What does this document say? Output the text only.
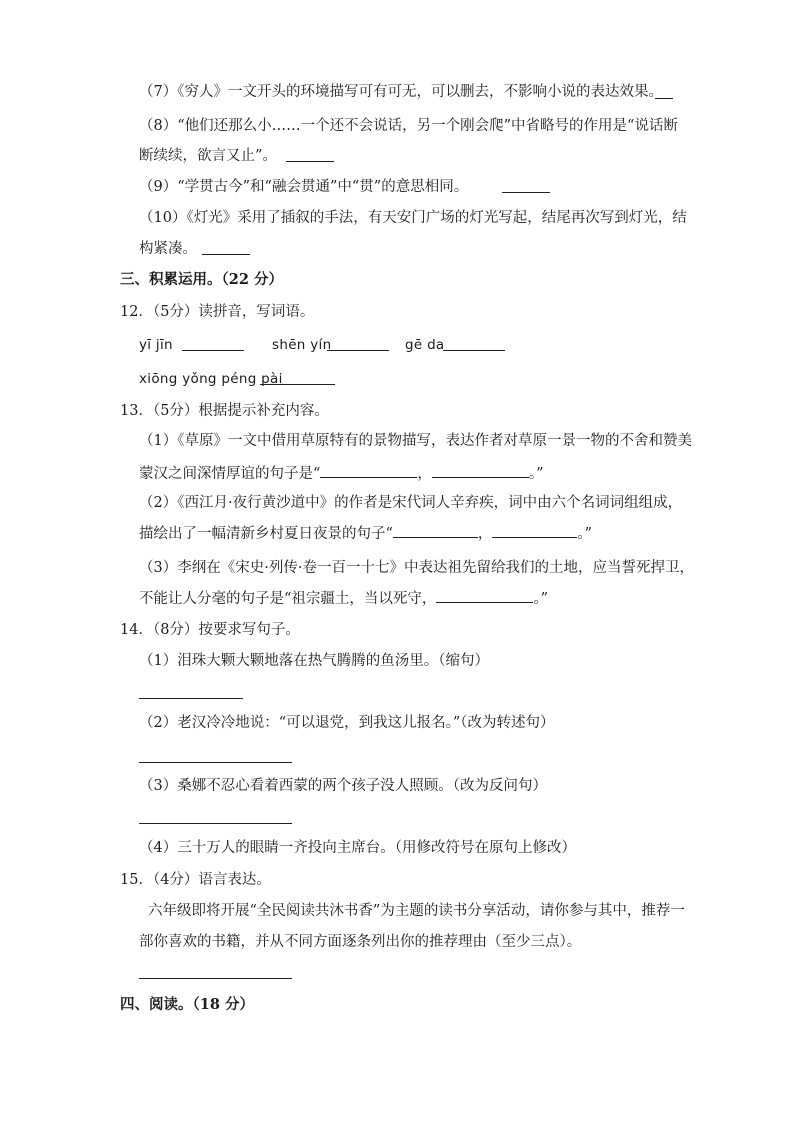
（7）《穷人》一文开头的环境描写可有可无，可以删去，不影响小说的表达效果。
（8）“他们还那么小……一个还不会说话，另一个刚会爬”中省略号的作用是“说话断
断续续，欲言又止”。
（9）“学贯古今”和“融会贯通”中“贯”的意思相同。
（10）《灯光》采用了插叙的手法，有天安门广场的灯光写起，结尾再次写到灯光，结
构紧凑。
三、积累运用。（22 分）
12．（5分）读拼音，写词语。
yī jīn	shēn yín	gē da
xiōng yǒng péng pài
13．（5分）根据提示补充内容。
（1）《草原》一文中借用草原特有的景物描写，表达作者对草原一景一物的不舍和赞美
蒙汉之间深情厚谊的句子是“	，	。”
（2）《西江月·夜行黄沙道中》的作者是宋代词人辛弃疾，词中由六个名词词组组成，
描绘出了一幅清新乡村夏日夜景的句子“	，	。”
（3）李纲在《宋史·列传·卷一百一十七》中表达祖先留给我们的土地，应当誓死捍卫，
不能让人分毫的句子是“祖宗疆土，当以死守，	。”
14．（8分）按要求写句子。
（1）泪珠大颗大颗地落在热气腾腾的鱼汤里。（缩句）
（2）老汉冷冷地说：“可以退党，到我这儿报名。”（改为转述句）
（3）桑娜不忍心看着西蒙的两个孩子没人照顾。（改为反问句）
（4）三十万人的眼睛一齐投向主席台。（用修改符号在原句上修改）
15．（4分）语言表达。
六年级即将开展“全民阅读共沐书香”为主题的读书分享活动，请你参与其中，推荐一
部你喜欢的书籍，并从不同方面逐条列出你的推荐理由（至少三点）。
四、阅读。（18 分）
